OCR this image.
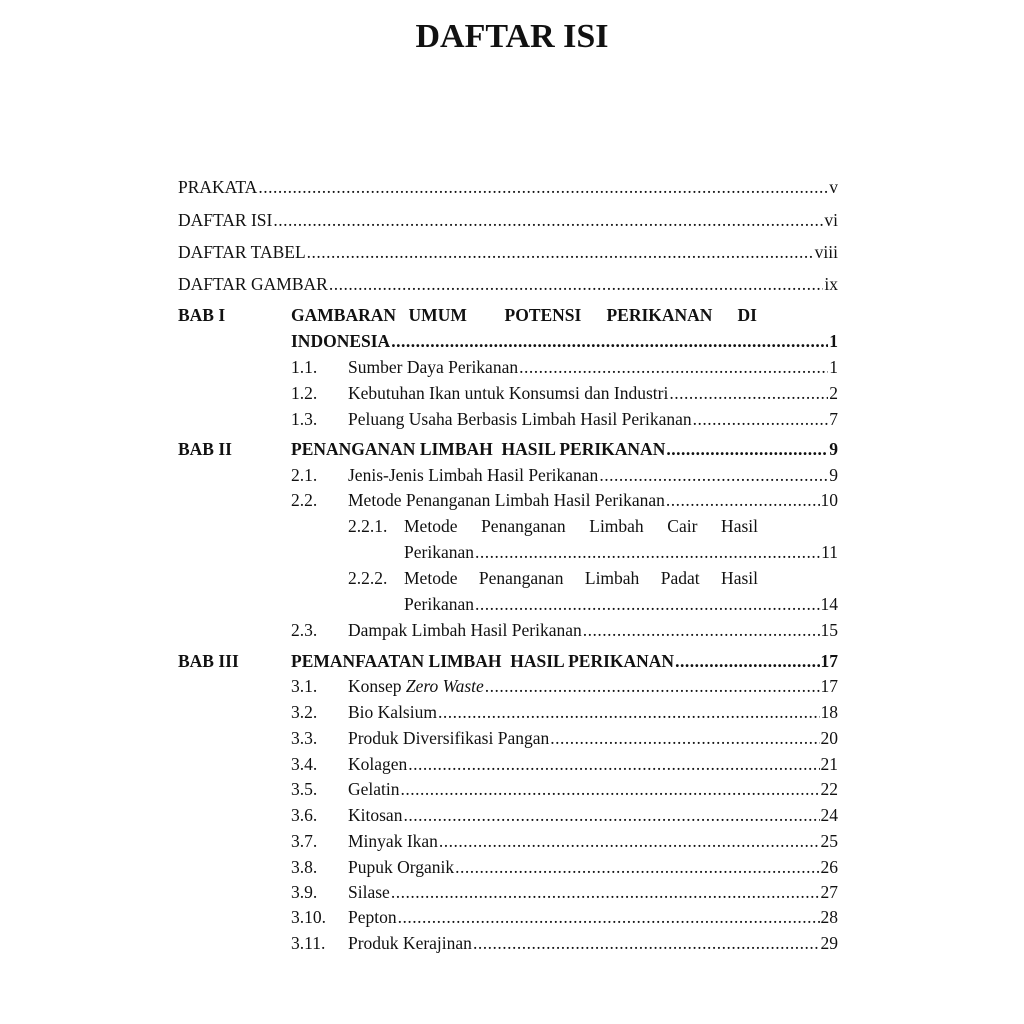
DAFTAR ISI
PRAKATA .....	v
DAFTAR ISI .....	vi
DAFTAR TABEL .....	viii
DAFTAR GAMBAR .....	ix
BAB I	GAMBARAN UMUM   POTENSI  PERIKANAN  DI
INDONESIA .....	1
1.1.	Sumber Daya Perikanan .....	1
1.2.	Kebutuhan Ikan untuk Konsumsi dan Industri .....	2
1.3.	Peluang Usaha Berbasis Limbah Hasil Perikanan .....	7
BAB II	PENANGANAN LIMBAH  HASIL PERIKANAN .....	9
2.1.	Jenis-Jenis Limbah Hasil Perikanan .....	9
2.2.	Metode Penanganan Limbah Hasil Perikanan .....	10
2.2.1. Metode Penanganan Limbah Cair Hasil
Perikanan .....	11
2.2.2. Metode Penanganan Limbah Padat Hasil
Perikanan .....	14
2.3.	Dampak Limbah Hasil Perikanan .....	15
BAB III	PEMANFAATAN LIMBAH  HASIL PERIKANAN .....	17
3.1.	Konsep Zero Waste .....	17
3.2.	Bio Kalsium .....	18
3.3.	Produk Diversifikasi Pangan .....	20
3.4.	Kolagen .....	21
3.5.	Gelatin .....	22
3.6.	Kitosan .....	24
3.7.	Minyak Ikan .....	25
3.8.	Pupuk Organik .....	26
3.9.	Silase .....	27
3.10.	Pepton .....	28
3.11.	Produk Kerajinan .....	29
